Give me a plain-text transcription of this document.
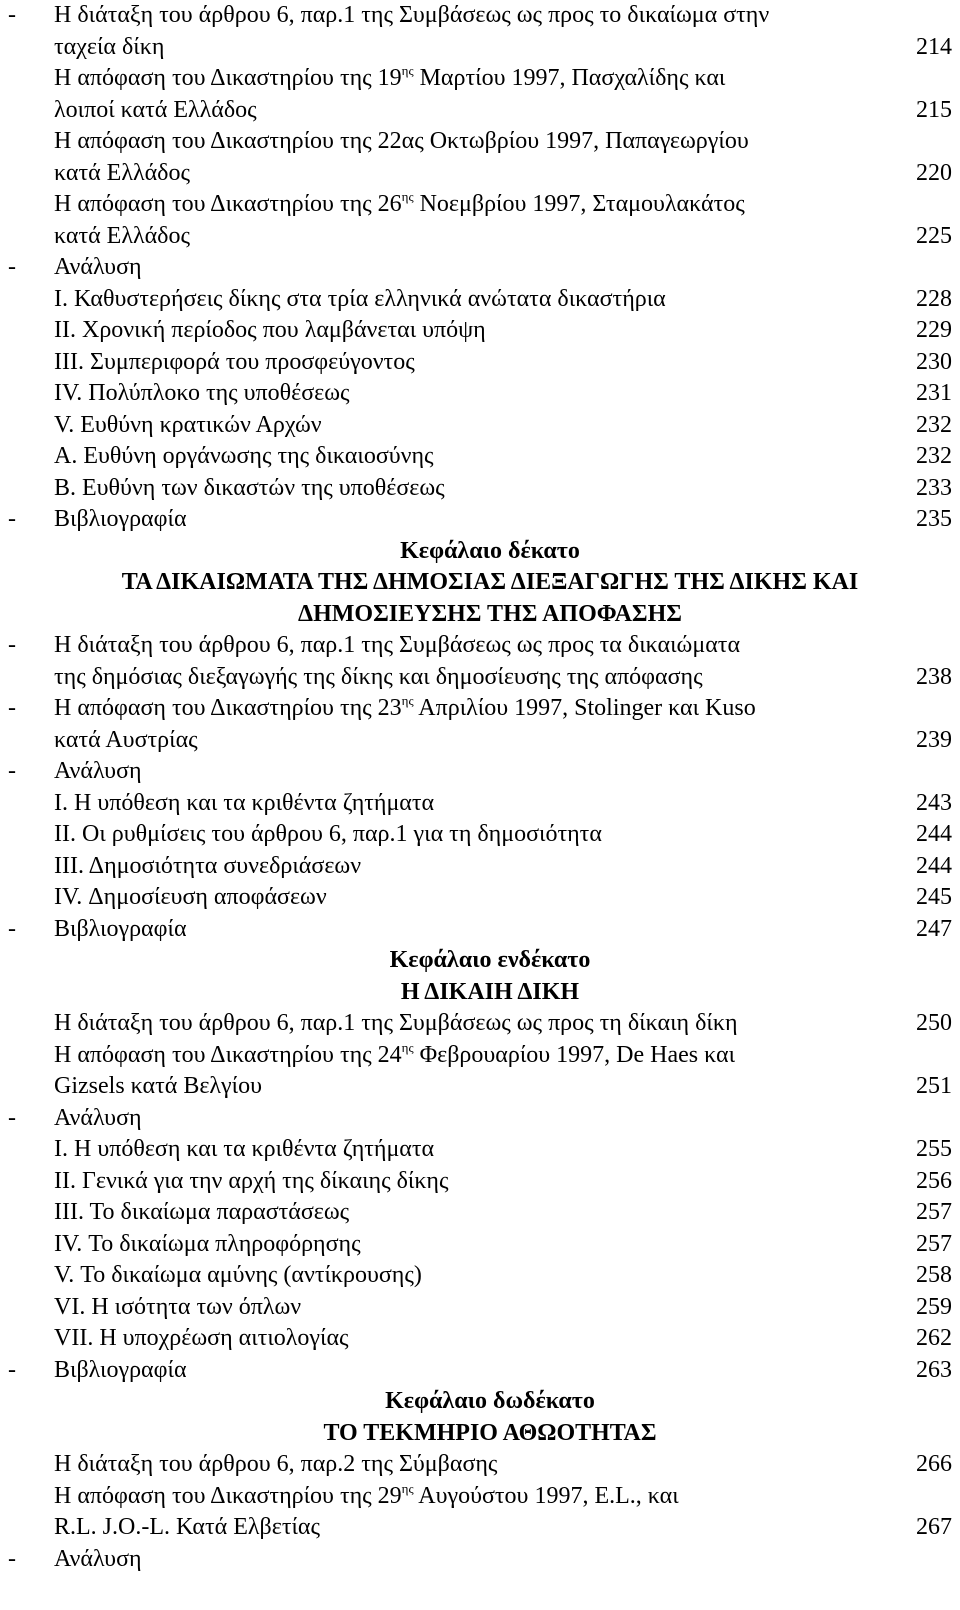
- Η διάταξη του άρθρου 6, παρ.1 της Συμβάσεως ως προς το δικαίωμα στην
ταχεία δίκη	214
Η απόφαση του Δικαστηρίου της $19^{\eta\varsigma}$ Μαρτίου 1997, Πασχαλίδης και
λοιποί κατά Ελλάδος	215
Η απόφαση του Δικαστηρίου της 22ας Οκτωβρίου 1997, Παπαγεωργίου
κατά Ελλάδος	220
Η απόφαση του Δικαστηρίου της $26^{\eta\varsigma}$ Νοεμβρίου 1997, Σταμουλακάτος
κατά Ελλάδος	225
- Ανάλυση
Ι. Καθυστερήσεις δίκης στα τρία ελληνικά ανώτατα δικαστήρια	228
ΙΙ. Χρονική περίοδος που λαμβάνεται υπόψη	229
ΙΙΙ. Συμπεριφορά του προσφεύγοντος	230
ΙV. Πολύπλοκο της υποθέσεως	231
V. Ευθύνη κρατικών Αρχών	232
Α. Ευθύνη οργάνωσης της δικαιοσύνης	232
Β. Ευθύνη των δικαστών της υποθέσεως	233
- Βιβλιογραφία	235
Κεφάλαιο δέκατο
ΤΑ ΔΙΚΑΙΩΜΑΤΑ ΤΗΣ ΔΗΜΟΣΙΑΣ ΔΙΕΞΑΓΩΓΗΣ ΤΗΣ ΔΙΚΗΣ ΚΑΙ
ΔΗΜΟΣΙΕΥΣΗΣ ΤΗΣ ΑΠΟΦΑΣΗΣ
- Η διάταξη του άρθρου 6, παρ.1 της Συμβάσεως ως προς τα δικαιώματα
της δημόσιας διεξαγωγής της δίκης και δημοσίευσης της απόφασης	238
- Η απόφαση του Δικαστηρίου της $23^{\eta\varsigma}$ Απριλίου 1997, Stolinger και Kuso
κατά Αυστρίας	239
- Ανάλυση
Ι. Η υπόθεση και τα κριθέντα ζητήματα	243
ΙΙ. Οι ρυθμίσεις του άρθρου 6, παρ.1 για τη δημοσιότητα	244
ΙΙΙ. Δημοσιότητα συνεδριάσεων	244
ΙV. Δημοσίευση αποφάσεων	245
- Βιβλιογραφία	247
Κεφάλαιο ενδέκατο
Η ΔΙΚΑΙΗ ΔΙΚΗ
Η διάταξη του άρθρου 6, παρ.1 της Συμβάσεως ως προς τη δίκαιη δίκη	250
Η απόφαση του Δικαστηρίου της $24^{\eta\varsigma}$ Φεβρουαρίου 1997, De Haes και
Gizsels κατά Βελγίου	251
- Ανάλυση
Ι. Η υπόθεση και τα κριθέντα ζητήματα	255
ΙΙ. Γενικά για την αρχή της δίκαιης δίκης	256
ΙΙΙ. Το δικαίωμα παραστάσεως	257
ΙV. Το δικαίωμα πληροφόρησης	257
V. Το δικαίωμα αμύνης (αντίκρουσης)	258
VΙ. Η ισότητα των όπλων	259
VΙΙ. Η υποχρέωση αιτιολογίας	262
- Βιβλιογραφία	263
Κεφάλαιο δωδέκατο
ΤΟ ΤΕΚΜΗΡΙΟ ΑΘΩΟΤΗΤΑΣ
Η διάταξη του άρθρου 6, παρ.2 της Σύμβασης	266
Η απόφαση του Δικαστηρίου της $29^{\eta\varsigma}$ Αυγούστου 1997, E.L., και
R.L. J.O.-L. Κατά Ελβετίας	267
- Ανάλυση
